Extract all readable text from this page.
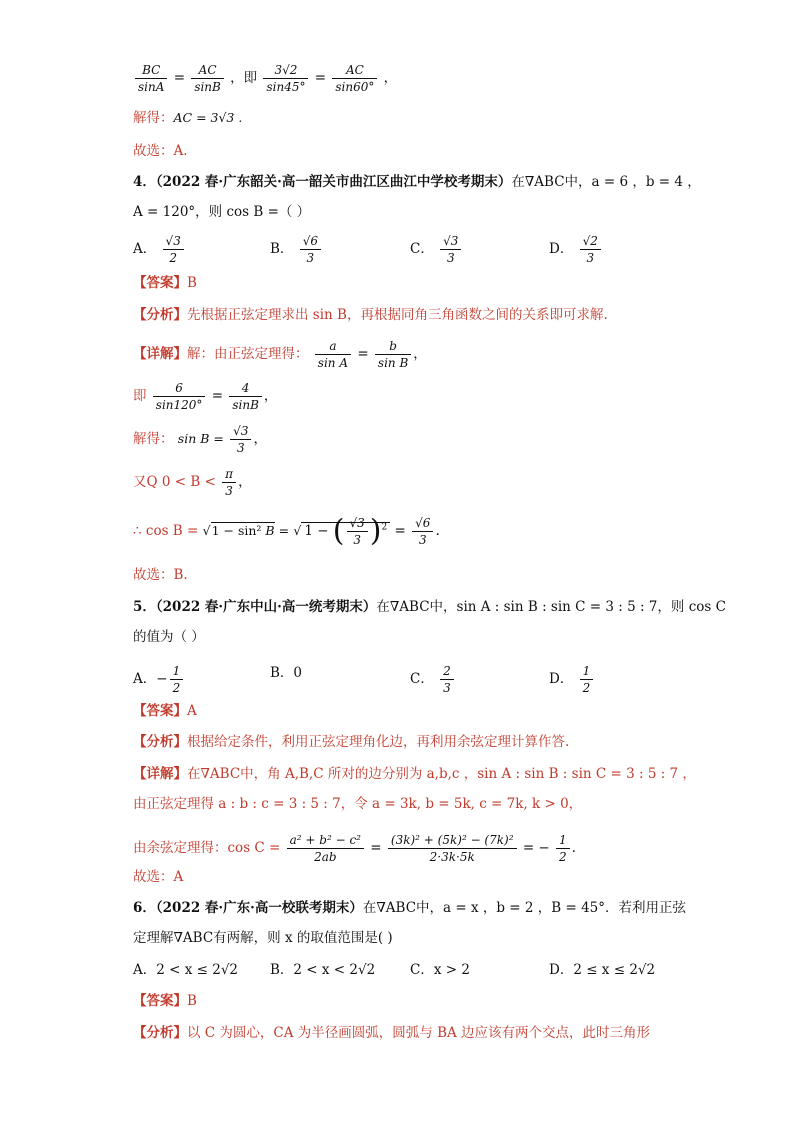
$\frac{BC}{\sin A} = \frac{AC}{\sin B}$ ，即 $\frac{3√2}{\sin 45^\circ} = \frac{AC}{\sin 60^\circ}$ ，
解得：AC = 3√3 .
故选：A.
4．（2022 春·广东韶关·高一韶关市曲江区曲江中学校考期末）在∇ABC中，a = 6 ，b = 4 ，
A = 120°，则 cos B =（ ）
A． $\frac{√3}{2}$	B． $\frac{√6}{3}$	C． $\frac{√3}{3}$	D． $\frac{√2}{3}$
【答案】B
【分析】先根据正弦定理求出 sin B，再根据同角三角函数之间的关系即可求解.
【详解】解：由正弦定理得： $\frac{a}{\text{sin A}} = \frac{b}{\text{sin B}}$ ，
即 $\frac{6}{\sin 120^\circ} = \frac{4}{\sin B}$ ，
解得： $\sin B = \frac{√3}{3}$ ，
又Q $0 < B < \frac{\pi}{3}$ ，
∴ cos B = √1 − sin² B = √ 1 − ( $\frac{√3}{3} )^2 = \frac{√6}{3}$ .
故选：B.
5．（2022 春·广东中山·高一统考期末）在∇ABC中，sin A : sin B : sin C = 3 : 5 : 7，则 cos C
的值为（ ）
A．− $\frac{1}{2}$	B．0	C． $\frac{2}{3}$	D． $\frac{1}{2}$
【答案】A
【分析】根据给定条件，利用正弦定理角化边，再利用余弦定理计算作答.
【详解】在∇ABC中，角 A,B,C 所对的边分别为 a,b,c ，sin A : sin B : sin C = 3 : 5 : 7 ，
由正弦定理得 a : b : c = 3 : 5 : 7，令 a = 3k, b = 5k, c = 7k, k > 0，
由余弦定理得：$\cos C = \frac{\text{a² + b² − c²}}{2ab} = \frac{\text{(3k)² + (5k)² − (7k)²}}{2\cdot 3k\cdot 5k}$ = − $\frac{1}{2}$ .
故选：A
6．（2022 春·广东·高一校联考期末）在∇ABC中，a = x ，b = 2 ，B = 45°．若利用正弦
定理解∇ABC有两解，则 x 的取值范围是( )
A．2 < x ≤ 2√2 B．2 < x < 2√2	C．x > 2	D．2 ≤ x ≤ 2√2
【答案】B
【分析】以 C 为圆心，CA 为半径画圆弧，圆弧与 BA 边应该有两个交点，此时三角形
